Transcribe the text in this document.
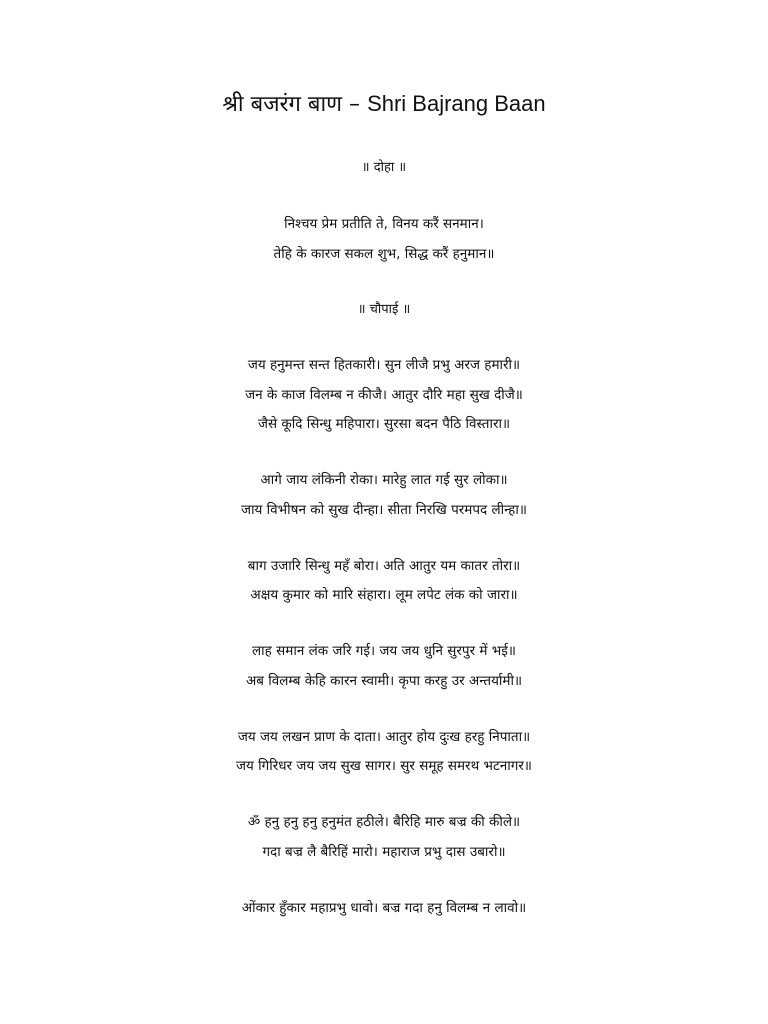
श्री बजरंग बाण – Shri Bajrang Baan
॥ दोहा ॥
निश्चय प्रेम प्रतीति ते, विनय करैं सनमान।
तेहि के कारज सकल शुभ, सिद्ध करैं हनुमान॥
॥ चौपाई ॥
जय हनुमन्त सन्त हितकारी। सुन लीजै प्रभु अरज हमारी॥
जन के काज विलम्ब न कीजै। आतुर दौरि महा सुख दीजै॥
जैसे कूदि सिन्धु महिपारा। सुरसा बदन पैठि विस्तारा॥
आगे जाय लंकिनी रोका। मारेहु लात गई सुर लोका॥
जाय विभीषन को सुख दीन्हा। सीता निरखि परमपद लीन्हा॥
बाग उजारि सिन्धु महँ बोरा। अति आतुर यम कातर तोरा॥
अक्षय कुमार को मारि संहारा। लूम लपेट लंक को जारा॥
लाह समान लंक जरि गई। जय जय धुनि सुरपुर में भई॥
अब विलम्ब केहि कारन स्वामी। कृपा करहु उर अन्तर्यामी॥
जय जय लखन प्राण के दाता। आतुर होय दुःख हरहु निपाता॥
जय गिरिधर जय जय सुख सागर। सुर समूह समरथ भटनागर॥
ॐ हनु हनु हनु हनुमंत हठीले। बैरिहि मारु बज्र की कीले॥
गदा बज्र लै बैरिहिं मारो। महाराज प्रभु दास उबारो॥
ओंकार हुँकार महाप्रभु धावो। बज्र गदा हनु विलम्ब न लावो॥
